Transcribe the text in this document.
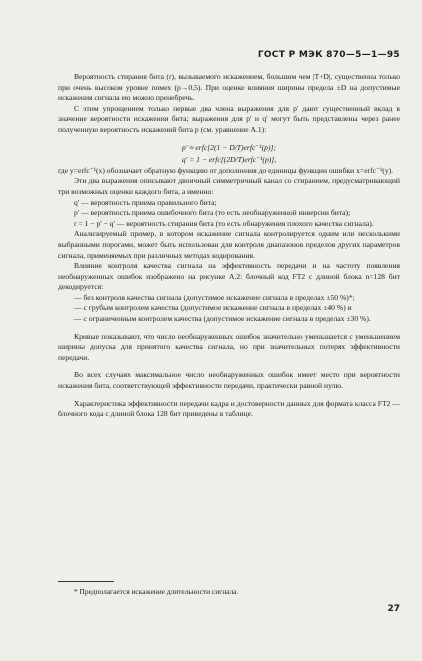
ГОСТ Р МЭК 870—5—1—95

Вероятность стирания бита (r), вызываемого искажением, большим чем |T+D|, существенна только при очень высоком уровне помех (p→0,5). При оценке влияния ширины предела ±D на допустимые искажения сигнала ею можно пренебречь.

С этим упрощением только первые два члена выражения для p' дают существенный вклад в значение вероятности искажения бита; выражения для p' и q' могут быть представлены через ранее полученную вероятность искажений бита p (см. уравнение А.1):

p' ≈ erfc[2(1 − D/T)erfc⁻¹(p)];

q' = 1 − erfc[(2D/T)erfc⁻¹(p)],

где y=erfc⁻¹(x) обозначает обратную функцию от дополнения до единицы функции ошибки x=erfc⁻¹(y).

Эти два выражения описывают двоичный симметричный канал со стиранием, предусматривающий три возможных оценки каждого бита, а именно:

q' — вероятность приема правильного бита;

p' — вероятность приема ошибочного бита (то есть необнаруженной инверсии бита);

r = 1 − p' − q' — вероятность стирания бита (то есть обнаружения плохого качества сигнала).

Анализируемый пример, в котором искажение сигнала контролируется одним или несколькими выбранными порогами, может быть использован для контроля диапазонов пределов других параметров сигнала, применяемых при различных методах кодирования.

Влияние контроля качества сигнала на эффективность передачи и на частоту появления необнаруженных ошибок изображено на рисунке А.2: блочный код FT2 с длиной блока n=128 бит декодируется:

— без контроля качества сигнала (допустимое искажение сигнала в пределах ±50 %)*;

— с грубым контролем качества (допустимое искажение сигнала в пределах ±40 %) и

— с ограниченным контролем качества (допустимое искажение сигнала в пределах ±30 %).

Кривые показывают, что число необнаруженных ошибок значительно уменьшается с уменьшением ширины допуска для принятого качества сигнала, но при значительных потерях эффективности передачи.

Во всех случаях максимальное число необнаруженных ошибок имеет место при вероятности искажения бита, соответствующей эффективности передачи, практически равной нулю.

Характеристика эффективности передачи кадра и достоверности данных для формата класса FT2 — блочного кода с длиной блока 128 бит приведены в таблице.

* Предполагается искажение длительности сигнала.
27
